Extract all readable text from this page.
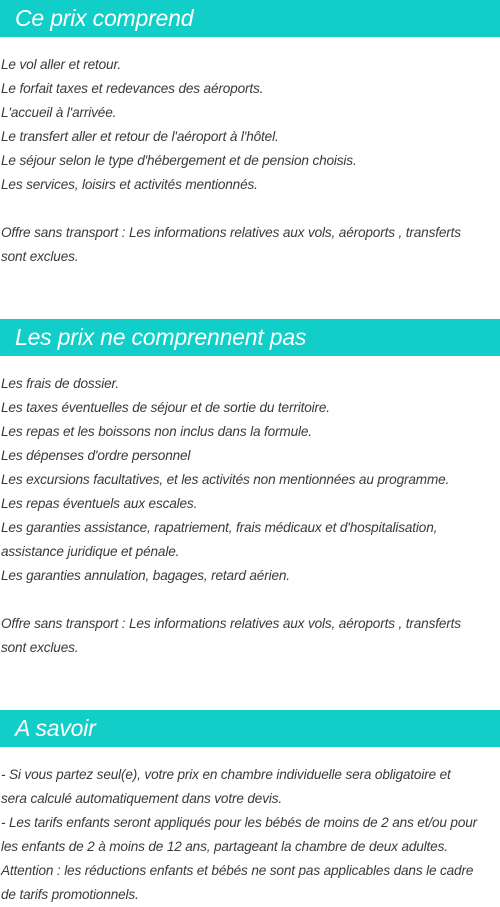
Ce prix comprend

Le vol aller et retour.

Le forfait taxes et redevances des aéroports.

L'accueil à l'arrivée.

Le transfert aller et retour de l'aéroport à l'hôtel.

Le séjour selon le type d'hébergement et de pension choisis.

Les services, loisirs et activités mentionnés.

Offre sans transport : Les informations relatives aux vols, aéroports , transferts

sont exclues.

Les prix ne comprennent pas

Les frais de dossier.

Les taxes éventuelles de séjour et de sortie du territoire.

Les repas et les boissons non inclus dans la formule.

Les dépenses d'ordre personnel

Les excursions facultatives, et les activités non mentionnées au programme.

Les repas éventuels aux escales.

Les garanties assistance, rapatriement, frais médicaux et d'hospitalisation,

assistance juridique et pénale.

Les garanties annulation, bagages, retard aérien.

Offre sans transport : Les informations relatives aux vols, aéroports , transferts

sont exclues.

A savoir

- Si vous partez seul(e), votre prix en chambre individuelle sera obligatoire et

sera calculé automatiquement dans votre devis.

- Les tarifs enfants seront appliqués pour les bébés de moins de 2 ans et/ou pour

les enfants de 2 à moins de 12 ans, partageant la chambre de deux adultes.

Attention : les réductions enfants et bébés ne sont pas applicables dans le cadre

de tarifs promotionnels.
